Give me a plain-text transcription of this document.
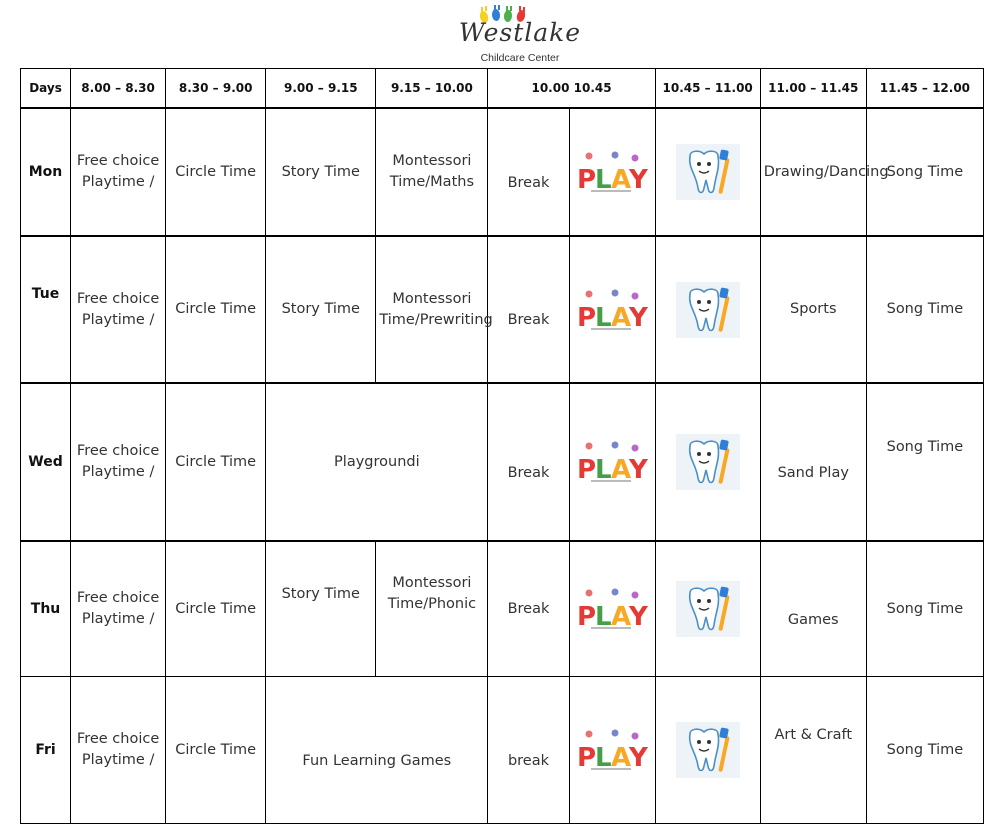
Westlake
Childcare Center
Days	8.00 – 8.30	8.30 – 9.00	9.00 – 9.15	9.15 – 10.00	10.00 10.45		10.45 – 11.00	11.00 – 11.45	11.45 – 12.00
Mon	Free choice Playtime /	Circle Time	Story Time	Montessori Time/Maths	Break			Drawing/Dancing	Song Time
Tue	Free choice Playtime /	Circle Time	Story Time	Montessori Time/Prewriting	Break			Sports	Song Time
Wed	Free choice Playtime /	Circle Time	Playgroundi		Break			Sand Play	Song Time
Thu	Free choice Playtime /	Circle Time	Story Time	Montessori Time/Phonic	Break			Games	Song Time
Fri	Free choice Playtime /	Circle Time	Fun Learning Games		break			Art & Craft	Song Time
